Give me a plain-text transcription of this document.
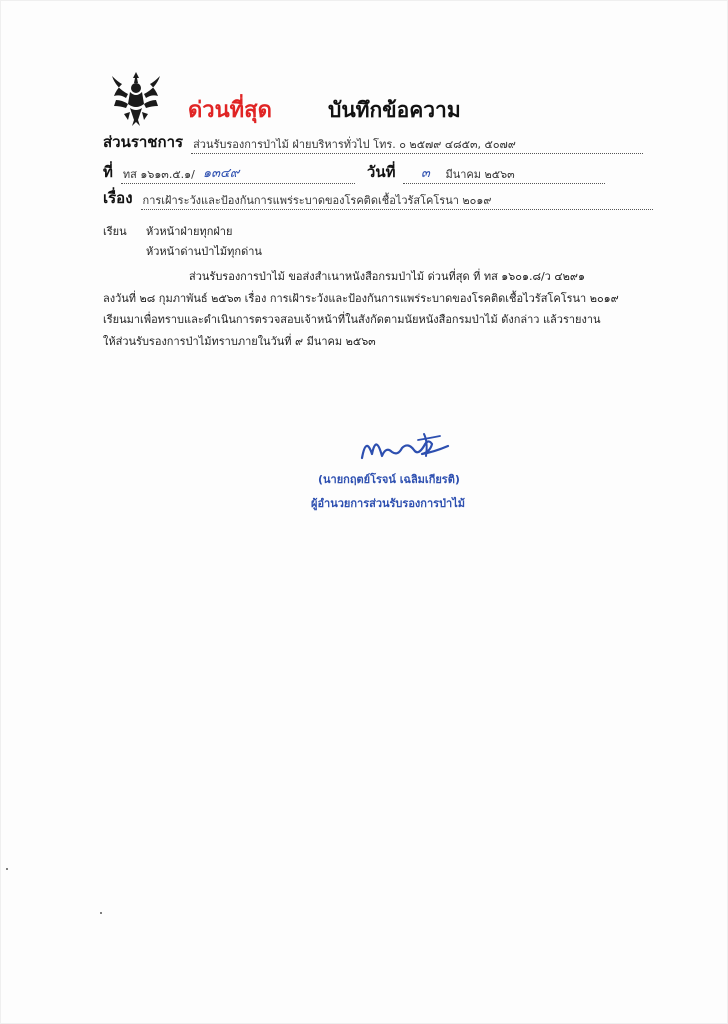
ด่วนที่สุด	บันทึกข้อความ
ส่วนราชการ ส่วนรับรองการป่าไม้ ฝ่ายบริหารทั่วไป โทร. ๐ ๒๕๗๙ ๔๘๕๓, ๕๐๗๙
ที่ ทส ๑๖๑๓.๕.๑/ ๑๓๔๙	วันที่	๓	มีนาคม ๒๕๖๓
เรื่อง การเฝ้าระวังและป้องกันการแพร่ระบาดของโรคติดเชื้อไวรัสโคโรนา ๒๐๑๙
เรียน หัวหน้าฝ่ายทุกฝ่าย
หัวหน้าด่านป่าไม้ทุกด่าน
ส่วนรับรองการป่าไม้ ขอส่งสำเนาหนังสือกรมป่าไม้ ด่วนที่สุด ที่ ทส ๑๖๐๑.๘/ว ๔๒๙๑
ลงวันที่ ๒๘ กุมภาพันธ์ ๒๕๖๓ เรื่อง การเฝ้าระวังและป้องกันการแพร่ระบาดของโรคติดเชื้อไวรัสโคโรนา ๒๐๑๙
เรียนมาเพื่อทราบและดำเนินการตรวจสอบเจ้าหน้าที่ในสังกัดตามนัยหนังสือกรมป่าไม้ ดังกล่าว แล้วรายงาน
ให้ส่วนรับรองการป่าไม้ทราบภายในวันที่ ๙ มีนาคม ๒๕๖๓
(นายกฤตย์โรจน์ เฉลิมเกียรติ)
ผู้อำนวยการส่วนรับรองการป่าไม้
